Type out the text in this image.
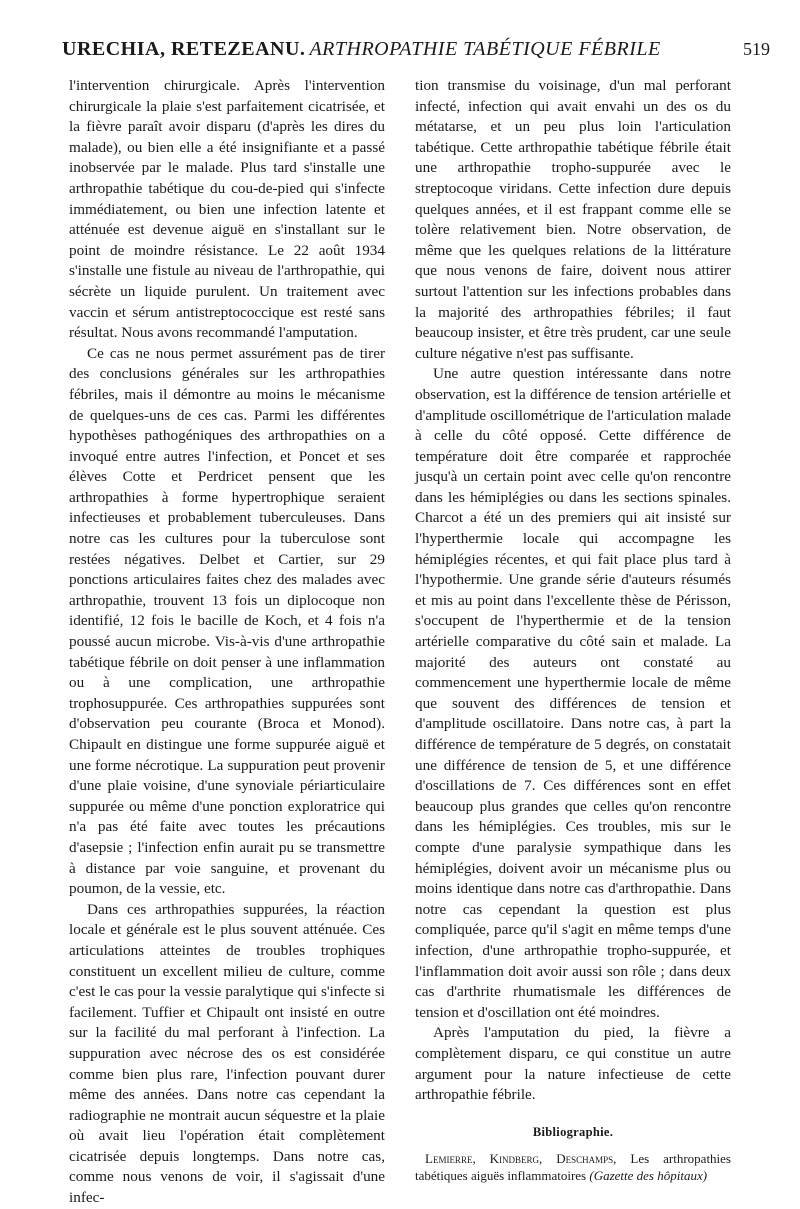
URECHIA, RETEZEANU. ARTHROPATHIE TABÉTIQUE FÉBRILE	519

l'intervention chirurgicale. Après l'intervention chirurgicale la plaie s'est parfaitement cicatrisée, et la fièvre paraît avoir disparu (d'après les dires du malade), ou bien elle a été insignifiante et a passé inobservée par le malade. Plus tard s'installe une arthropathie tabétique du cou-de-pied qui s'infecte immédiatement, ou bien une infection latente et atténuée est devenue aiguë en s'installant sur le point de moindre résistance. Le 22 août 1934 s'installe une fistule au niveau de l'arthropathie, qui sécrète un liquide purulent. Un traitement avec vaccin et sérum antistreptococcique est resté sans résultat. Nous avons recommandé l'amputation.

Ce cas ne nous permet assurément pas de tirer des conclusions générales sur les arthropathies fébriles, mais il démontre au moins le mécanisme de quelques-uns de ces cas. Parmi les différentes hypothèses pathogéniques des arthropathies on a invoqué entre autres l'infection, et Poncet et ses élèves Cotte et Perdricet pensent que les arthropathies à forme hypertrophique seraient infectieuses et probablement tuberculeuses. Dans notre cas les cultures pour la tuberculose sont restées négatives. Delbet et Cartier, sur 29 ponctions articulaires faites chez des malades avec arthropathie, trouvent 13 fois un diplocoque non identifié, 12 fois le bacille de Koch, et 4 fois n'a poussé aucun microbe. Vis-à-vis d'une arthropathie tabétique fébrile on doit penser à une inflammation ou à une complication, une arthropathie trophosuppurée. Ces arthropathies suppurées sont d'observation peu courante (Broca et Monod). Chipault en distingue une forme suppurée aiguë et une forme nécrotique. La suppuration peut provenir d'une plaie voisine, d'une synoviale périarticulaire suppurée ou même d'une ponction exploratrice qui n'a pas été faite avec toutes les précautions d'asepsie ; l'infection enfin aurait pu se transmettre à distance par voie sanguine, et provenant du poumon, de la vessie, etc.

Dans ces arthropathies suppurées, la réaction locale et générale est le plus souvent atténuée. Ces articulations atteintes de troubles trophiques constituent un excellent milieu de culture, comme c'est le cas pour la vessie paralytique qui s'infecte si facilement. Tuffier et Chipault ont insisté en outre sur la facilité du mal perforant à l'infection. La suppuration avec nécrose des os est considérée comme bien plus rare, l'infection pouvant durer même des années. Dans notre cas cependant la radiographie ne montrait aucun séquestre et la plaie où avait lieu l'opération était complètement cicatrisée depuis longtemps. Dans notre cas, comme nous venons de voir, il s'agissait d'une infec-

tion transmise du voisinage, d'un mal perforant infecté, infection qui avait envahi un des os du métatarse, et un peu plus loin l'articulation tabétique. Cette arthropathie tabétique fébrile était une arthropathie tropho-suppurée avec le streptocoque viridans. Cette infection dure depuis quelques années, et il est frappant comme elle se tolère relativement bien. Notre observation, de même que les quelques relations de la littérature que nous venons de faire, doivent nous attirer surtout l'attention sur les infections probables dans la majorité des arthropathies fébriles; il faut beaucoup insister, et être très prudent, car une seule culture négative n'est pas suffisante.

Une autre question intéressante dans notre observation, est la différence de tension artérielle et d'amplitude oscillométrique de l'articulation malade à celle du côté opposé. Cette différence de température doit être comparée et rapprochée jusqu'à un certain point avec celle qu'on rencontre dans les hémiplégies ou dans les sections spinales. Charcot a été un des premiers qui ait insisté sur l'hyperthermie locale qui accompagne les hémiplégies récentes, et qui fait place plus tard à l'hypothermie. Une grande série d'auteurs résumés et mis au point dans l'excellente thèse de Périsson, s'occupent de l'hyperthermie et de la tension artérielle comparative du côté sain et malade. La majorité des auteurs ont constaté au commencement une hyperthermie locale de même que souvent des différences de tension et d'amplitude oscillatoire. Dans notre cas, à part la différence de température de 5 degrés, on constatait une différence de tension de 5, et une différence d'oscillations de 7. Ces différences sont en effet beaucoup plus grandes que celles qu'on rencontre dans les hémiplégies. Ces troubles, mis sur le compte d'une paralysie sympathique dans les hémiplégies, doivent avoir un mécanisme plus ou moins identique dans notre cas d'arthropathie. Dans notre cas cependant la question est plus compliquée, parce qu'il s'agit en même temps d'une infection, d'une arthropathie tropho-suppurée, et l'inflammation doit avoir aussi son rôle ; dans deux cas d'arthrite rhumatismale les différences de tension et d'oscillation ont été moindres.

Après l'amputation du pied, la fièvre a complètement disparu, ce qui constitue un autre argument pour la nature infectieuse de cette arthropathie fébrile.

Bibliographie.
Lemierre, Kindberg, Deschamps, Les arthropathies tabétiques aiguës inflammatoires (Gazette des hôpitaux)
